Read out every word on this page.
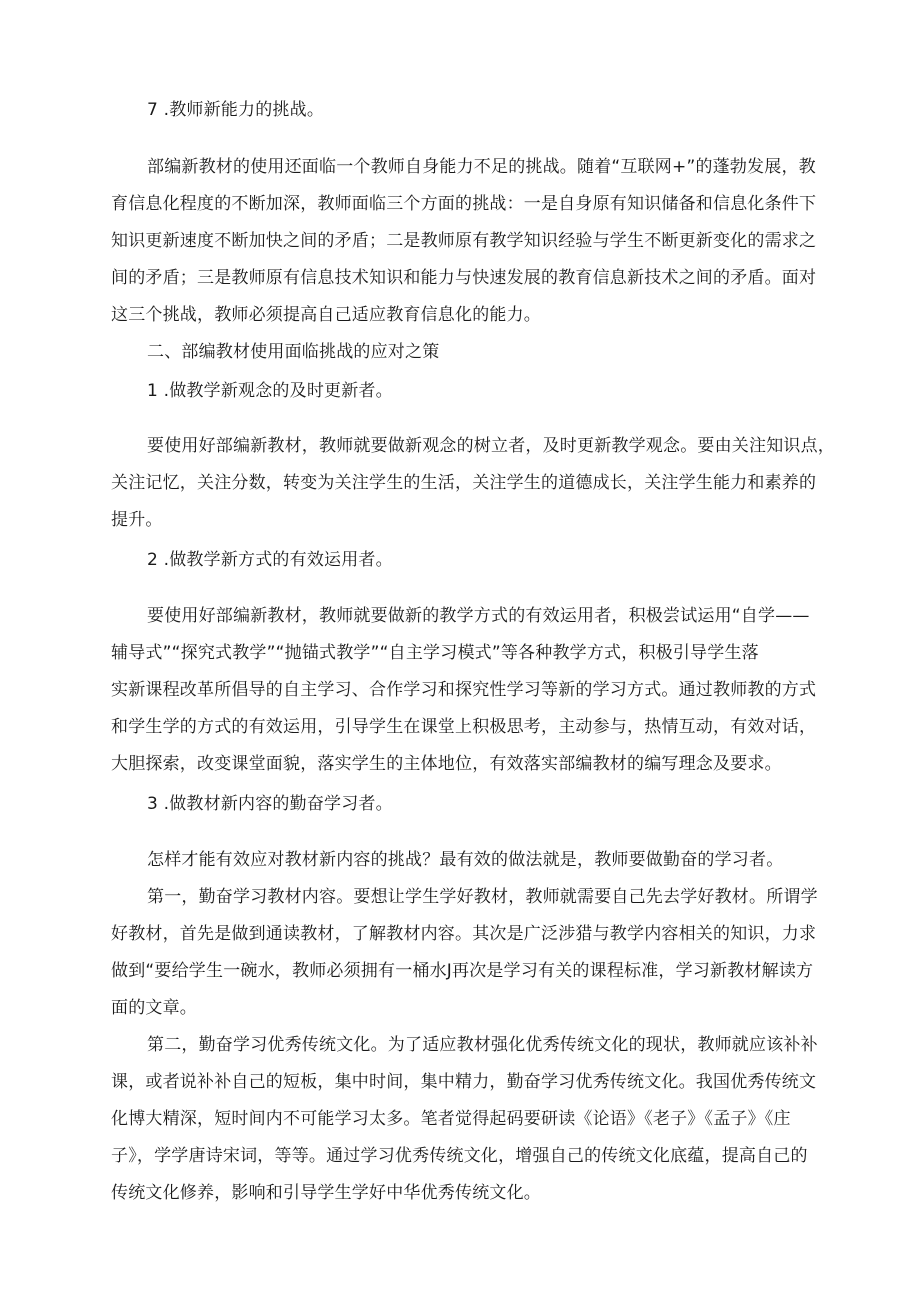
7 .教师新能力的挑战。
部编新教材的使用还面临一个教师自身能力不足的挑战。随着“互联网+”的蓬勃发展，教
育信息化程度的不断加深，教师面临三个方面的挑战：一是自身原有知识储备和信息化条件下
知识更新速度不断加快之间的矛盾；二是教师原有教学知识经验与学生不断更新变化的需求之
间的矛盾；三是教师原有信息技术知识和能力与快速发展的教育信息新技术之间的矛盾。面对
这三个挑战，教师必须提高自己适应教育信息化的能力。
二、部编教材使用面临挑战的应对之策
1 .做教学新观念的及时更新者。
要使用好部编新教材，教师就要做新观念的树立者，及时更新教学观念。要由关注知识点，
关注记忆，关注分数，转变为关注学生的生活，关注学生的道德成长，关注学生能力和素养的
提升。
2 .做教学新方式的有效运用者。
要使用好部编新教材，教师就要做新的教学方式的有效运用者，积极尝试运用“自学——
辅导式”“探究式教学”“抛锚式教学”“自主学习模式”等各种教学方式，积极引导学生落
实新课程改革所倡导的自主学习、合作学习和探究性学习等新的学习方式。通过教师教的方式
和学生学的方式的有效运用，引导学生在课堂上积极思考，主动参与，热情互动，有效对话，
大胆探索，改变课堂面貌，落实学生的主体地位，有效落实部编教材的编写理念及要求。
3 .做教材新内容的勤奋学习者。
怎样才能有效应对教材新内容的挑战？最有效的做法就是，教师要做勤奋的学习者。
第一，勤奋学习教材内容。要想让学生学好教材，教师就需要自己先去学好教材。所谓学
好教材，首先是做到通读教材，了解教材内容。其次是广泛涉猎与教学内容相关的知识，力求
做到“要给学生一碗水，教师必须拥有一桶水J再次是学习有关的课程标准，学习新教材解读方
面的文章。
第二，勤奋学习优秀传统文化。为了适应教材强化优秀传统文化的现状，教师就应该补补
课，或者说补补自己的短板，集中时间，集中精力，勤奋学习优秀传统文化。我国优秀传统文
化博大精深，短时间内不可能学习太多。笔者觉得起码要研读《论语》《老子》《孟子》《庄
子》，学学唐诗宋词，等等。通过学习优秀传统文化，增强自己的传统文化底蕴，提高自己的
传统文化修养，影响和引导学生学好中华优秀传统文化。
